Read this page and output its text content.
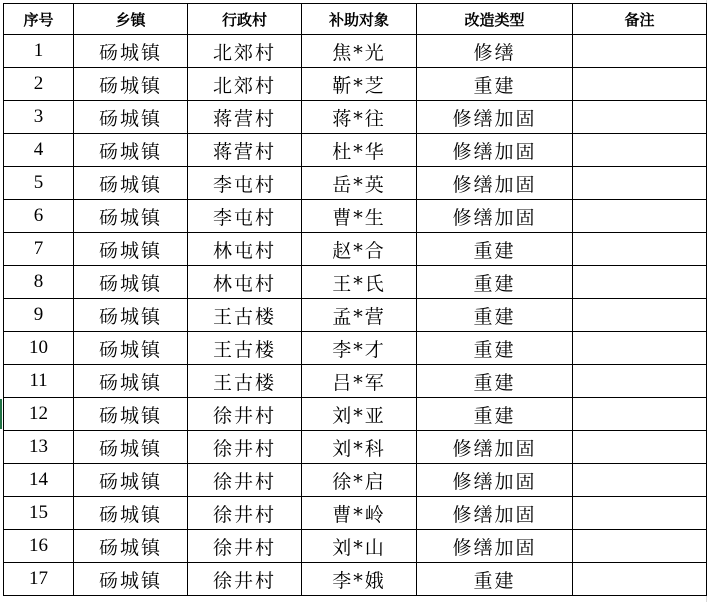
序号	乡镇	行政村	补助对象	改造类型	备注
1	砀城镇	北郊村	焦*光	修缮	
2	砀城镇	北郊村	靳*芝	重建	
3	砀城镇	蒋营村	蒋*往	修缮加固	
4	砀城镇	蒋营村	杜*华	修缮加固	
5	砀城镇	李屯村	岳*英	修缮加固	
6	砀城镇	李屯村	曹*生	修缮加固	
7	砀城镇	林屯村	赵*合	重建	
8	砀城镇	林屯村	王*氏	重建	
9	砀城镇	王古楼	孟*营	重建	
10	砀城镇	王古楼	李*才	重建	
11	砀城镇	王古楼	吕*军	重建	
12	砀城镇	徐井村	刘*亚	重建	
13	砀城镇	徐井村	刘*科	修缮加固	
14	砀城镇	徐井村	徐*启	修缮加固	
15	砀城镇	徐井村	曹*岭	修缮加固	
16	砀城镇	徐井村	刘*山	修缮加固	
17	砀城镇	徐井村	李*娥	重建	
